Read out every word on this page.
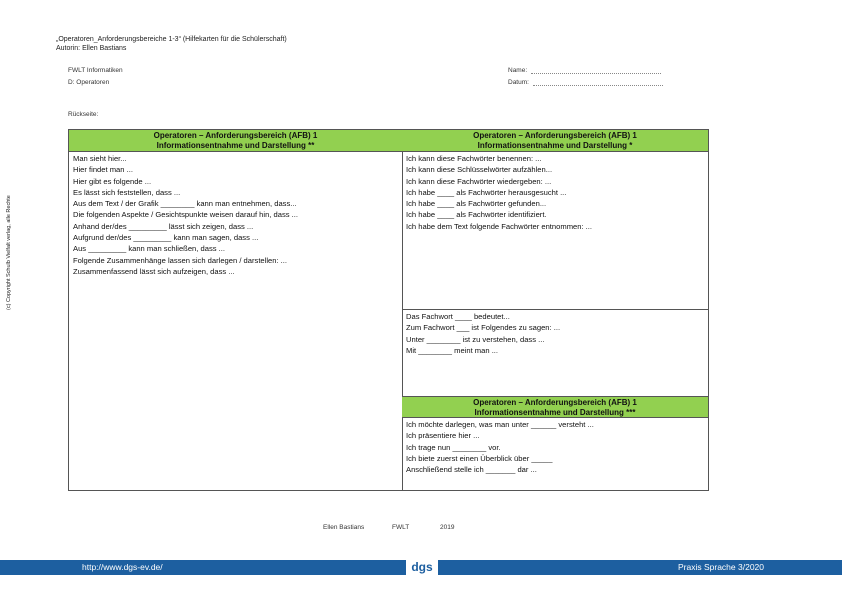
„Operatoren_Anforderungsbereiche 1-3“ (Hilfekarten für die Schülerschaft)
Autorin: Ellen Bastians
FWLT Informatiken
D: Operatoren
Name:
Datum:
Rückseite:
(c) Copyright Schulb Vielfalt verlag, alle Rechte
Operatoren – Anforderungsbereich (AFB) 1
Informationsentnahme und Darstellung **
Man sieht hier...
Hier findet man ...
Hier gibt es folgende ...
Es lässt sich feststellen, dass ...
Aus dem Text / der Grafik ________ kann man entnehmen, dass...
Die folgenden Aspekte / Gesichtspunkte weisen darauf hin, dass ...
Anhand der/des _________ lässt sich zeigen, dass ...
Aufgrund der/des _________ kann man sagen, dass ...
Aus _________ kann man schließen, dass ...
Folgende Zusammenhänge lassen sich darlegen / darstellen: ...
Zusammenfassend lässt sich aufzeigen, dass ...
Operatoren – Anforderungsbereich (AFB) 1
Informationsentnahme und Darstellung *
Ich kann diese Fachwörter benennen: ...
Ich kann diese Schlüsselwörter aufzählen...
Ich kann diese Fachwörter wiedergeben: ...
Ich habe ____ als Fachwörter herausgesucht ...
Ich habe ____ als Fachwörter gefunden...
Ich habe ____ als Fachwörter identifiziert.
Ich habe dem Text folgende Fachwörter entnommen: ...
Das Fachwort ____ bedeutet...
Zum Fachwort ___ ist Folgendes zu sagen: ...
Unter ________ ist zu verstehen, dass ...
Mit ________ meint man ...
Operatoren – Anforderungsbereich (AFB) 1
Informationsentnahme und Darstellung ***
Ich möchte darlegen, was man unter ______ versteht ...
Ich präsentiere hier ...
Ich trage nun ________ vor.
Ich biete zuerst einen Überblick über _____
Anschließend stelle ich _______ dar ...
Ellen Bastians	FWLT	2019
http://www.dgs-ev.de/	dgs	Praxis Sprache 3/2020
